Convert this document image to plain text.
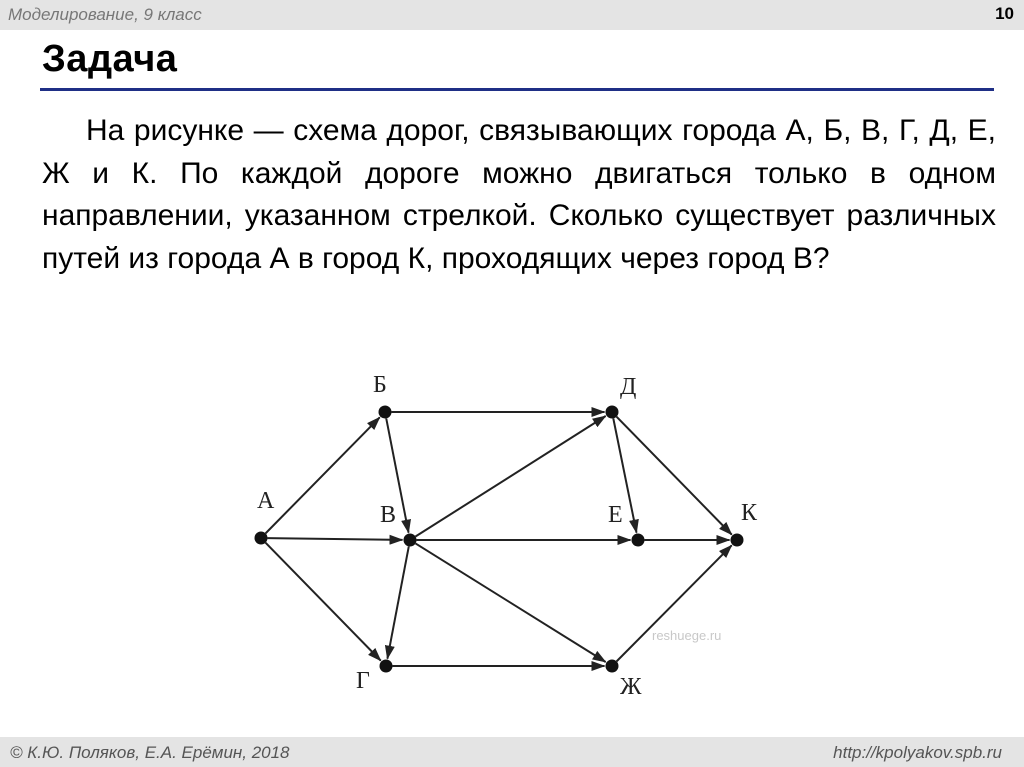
Моделирование, 9 класс	10
Задача

На рисунке — схема дорог, связывающих города А, Б, В, Г, Д, Е, Ж и К. По каждой дороге можно двигаться только в одном направлении, указанном стрелкой. Сколько существует различных путей из города А в город К, проходящих через город В?

А
Б
В
Г
Д
Е
Ж
К
reshuege.ru
© К.Ю. Поляков, Е.А. Ерёмин, 2018	http://kpolyakov.spb.ru
